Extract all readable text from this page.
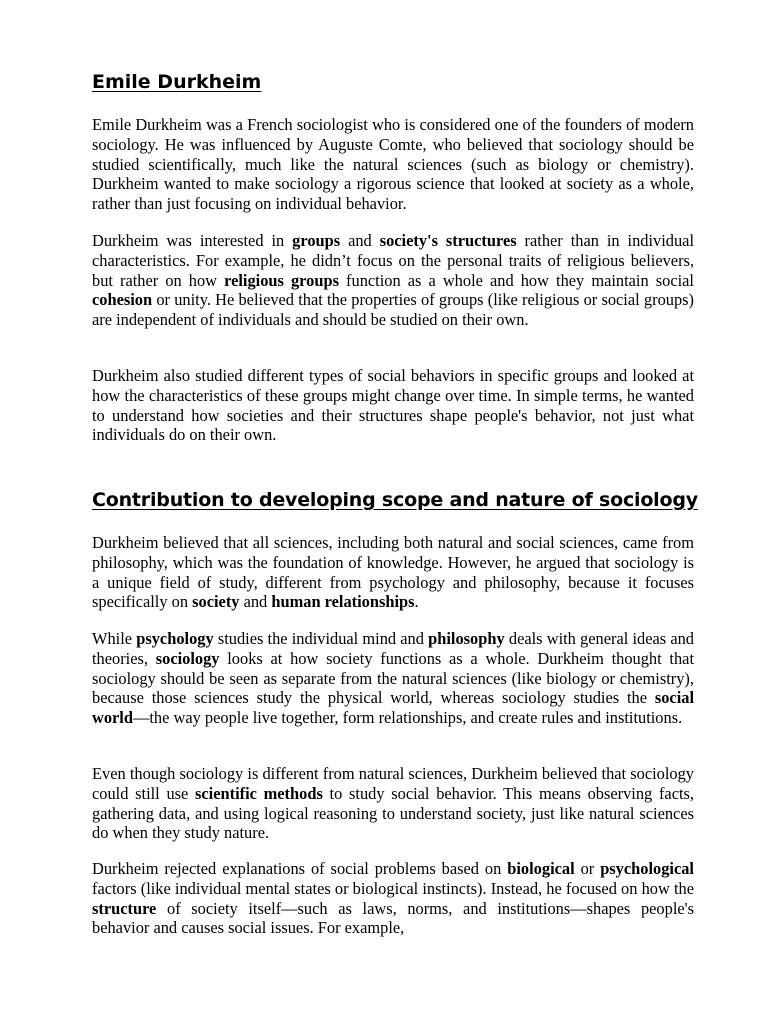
Emile Durkheim

Emile Durkheim was a French sociologist who is considered one of the founders of modern sociology. He was influenced by Auguste Comte, who believed that sociology should be studied scientifically, much like the natural sciences (such as biology or chemistry). Durkheim wanted to make sociology a rigorous science that looked at society as a whole, rather than just focusing on individual behavior.

Durkheim was interested in groups and society's structures rather than in individual characteristics. For example, he didn’t focus on the personal traits of religious believers, but rather on how religious groups function as a whole and how they maintain social cohesion or unity. He believed that the properties of groups (like religious or social groups) are independent of individuals and should be studied on their own.

Durkheim also studied different types of social behaviors in specific groups and looked at how the characteristics of these groups might change over time. In simple terms, he wanted to understand how societies and their structures shape people's behavior, not just what individuals do on their own.

Contribution to developing scope and nature of sociology

Durkheim believed that all sciences, including both natural and social sciences, came from philosophy, which was the foundation of knowledge. However, he argued that sociology is a unique field of study, different from psychology and philosophy, because it focuses specifically on society and human relationships.

While psychology studies the individual mind and philosophy deals with general ideas and theories, sociology looks at how society functions as a whole. Durkheim thought that sociology should be seen as separate from the natural sciences (like biology or chemistry), because those sciences study the physical world, whereas sociology studies the social world—the way people live together, form relationships, and create rules and institutions.

Even though sociology is different from natural sciences, Durkheim believed that sociology could still use scientific methods to study social behavior. This means observing facts, gathering data, and using logical reasoning to understand society, just like natural sciences do when they study nature.

Durkheim rejected explanations of social problems based on biological or psychological factors (like individual mental states or biological instincts). Instead, he focused on how the structure of society itself—such as laws, norms, and institutions—shapes people's behavior and causes social issues. For example,
